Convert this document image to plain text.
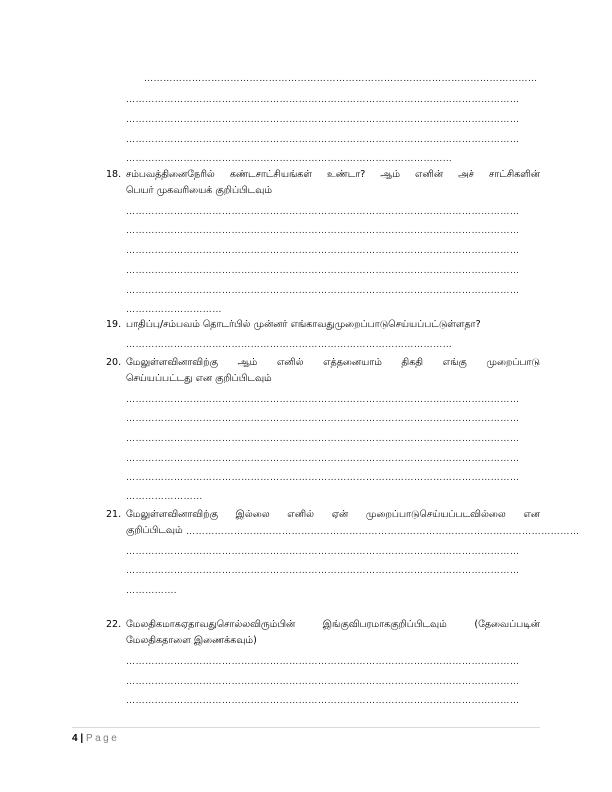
……………………………………………………………………………………………………………
……………………………………………………………………………………………………………
……………………………………………………………………………………………………………
……………………………………………………………………………………………………………
…………………………………………………………………………………………
18. சம்பவத்தினைநேரில் கண்டசாட்சியங்கள் உண்டா? ஆம் எனின் அச் சாட்சிகளின்
பெயர் முகவரியைக் குறிப்பிடவும்
……………………………………………………………………………………………………………
……………………………………………………………………………………………………………
……………………………………………………………………………………………………………
……………………………………………………………………………………………………………
……………………………………………………………………………………………………………
…………………………
19. பாதிப்பு/சம்பவம் தொடர்பில் முன்னர் எங்காவதுமுறைப்பாடுசெய்யப்பட்டுள்ளதா?
…………………………………………………………………………………………
20. மேலுள்ளவினாவிற்கு ஆம் எனில் எத்தனையாம் திகதி எங்கு முறைப்பாடு
செய்யப்பட்டது என குறிப்பிடவும்
……………………………………………………………………………………………………………
……………………………………………………………………………………………………………
……………………………………………………………………………………………………………
……………………………………………………………………………………………………………
……………………………………………………………………………………………………………
……………………
21. மேலுள்ளவினாவிற்கு இல்லை எனில் ஏன் முறைப்பாடுசெய்யப்படவில்லை என
குறிப்பிடவும் ……………………………………………………………………………………………………………
……………………………………………………………………………………………………………
……………………………………………………………………………………………………………
…………….
22. மேலதிகமாகஏதாவதுசொல்லவிரும்பின் இங்குவிபரமாககுறிப்பிடவும் (தேவைப்படின்
மேலதிகதாளை இணைக்கவும்)
……………………………………………………………………………………………………………
……………………………………………………………………………………………………………
……………………………………………………………………………………………………………
4 | Page
